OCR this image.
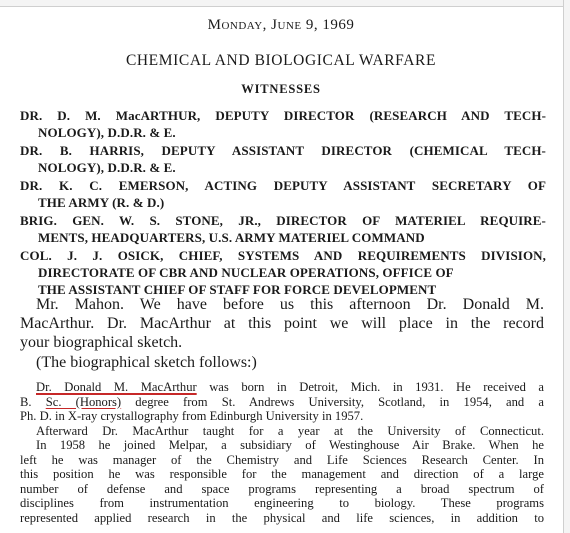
Monday, June 9, 1969
CHEMICAL AND BIOLOGICAL WARFARE
WITNESSES
DR. D. M. MacARTHUR, DEPUTY DIRECTOR (RESEARCH AND TECH-
NOLOGY), D.D.R. & E.
DR. B. HARRIS, DEPUTY ASSISTANT DIRECTOR (CHEMICAL TECH-
NOLOGY), D.D.R. & E.
DR. K. C. EMERSON, ACTING DEPUTY ASSISTANT SECRETARY OF
THE ARMY (R. & D.)
BRIG. GEN. W. S. STONE, JR., DIRECTOR OF MATERIEL REQUIRE-
MENTS, HEADQUARTERS, U.S. ARMY MATERIEL COMMAND
COL. J. J. OSICK, CHIEF, SYSTEMS AND REQUIREMENTS DIVISION,
DIRECTORATE OF CBR AND NUCLEAR OPERATIONS, OFFICE OF
THE ASSISTANT CHIEF OF STAFF FOR FORCE DEVELOPMENT
Mr. Mahon. We have before us this afternoon Dr. Donald M.
MacArthur. Dr. MacArthur at this point we will place in the record
your biographical sketch.
(The biographical sketch follows:)
Dr. Donald M. MacArthur was born in Detroit, Mich. in 1931. He received a
B. Sc. (Honors) degree from St. Andrews University, Scotland, in 1954, and a
Ph. D. in X-ray crystallography from Edinburgh University in 1957.
Afterward Dr. MacArthur taught for a year at the University of Connecticut.
In 1958 he joined Melpar, a subsidiary of Westinghouse Air Brake. When he
left he was manager of the Chemistry and Life Sciences Research Center. In
this position he was responsible for the management and direction of a large
number of defense and space programs representing a broad spectrum of
disciplines from instrumentation engineering to biology. These programs
represented applied research in the physical and life sciences, in addition to
